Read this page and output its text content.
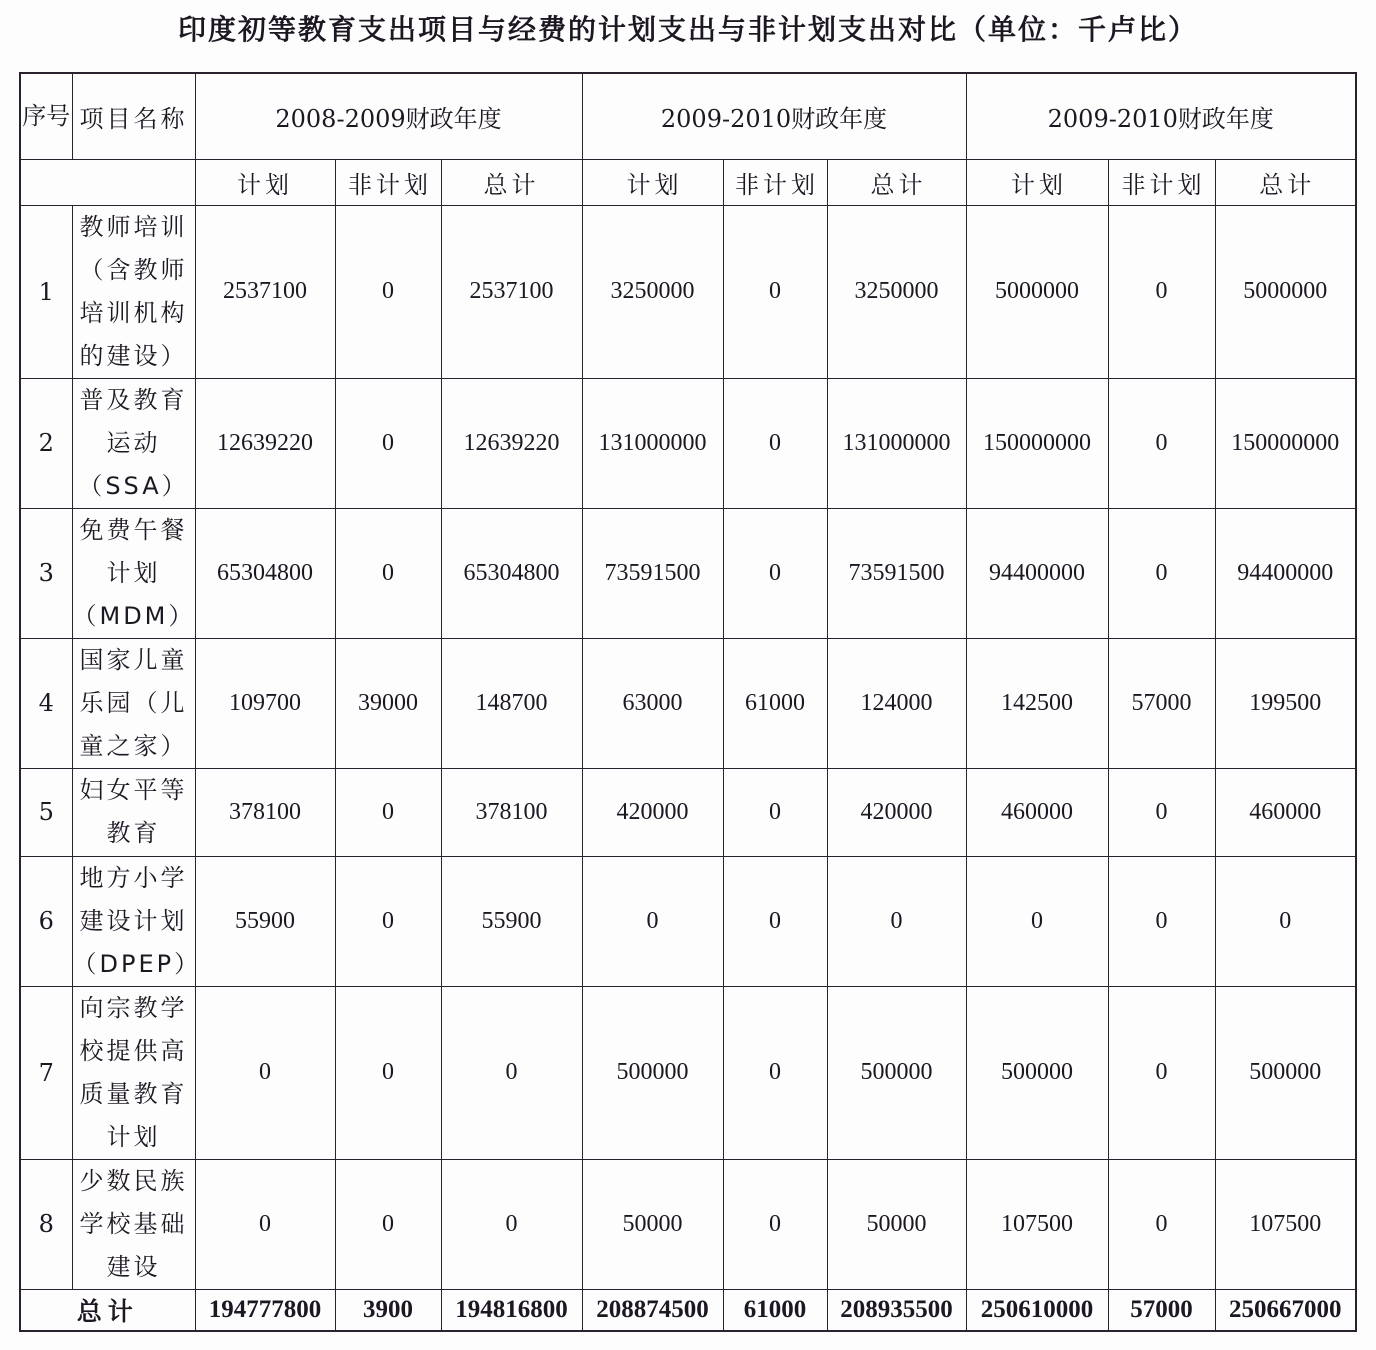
印度初等教育支出项目与经费的计划支出与非计划支出对比（单位：千卢比）
序号	项目名称	2008-2009财政年度			2009-2010财政年度			2009-2010财政年度		
		计划	非计划	总计	计划	非计划	总计	计划	非计划	总计
1	教师培训（含教师培训机构的建设）	2537100	0	2537100	3250000	0	3250000	5000000	0	5000000
2	普及教育运动（SSA）	12639220	0	12639220	131000000	0	131000000	150000000	0	150000000
3	免费午餐计划（MDM）	65304800	0	65304800	73591500	0	73591500	94400000	0	94400000
4	国家儿童乐园（儿童之家）	109700	39000	148700	63000	61000	124000	142500	57000	199500
5	妇女平等教育	378100	0	378100	420000	0	420000	460000	0	460000
6	地方小学建设计划（DPEP）	55900	0	55900	0	0	0	0	0	0
7	向宗教学校提供高质量教育计划	0	0	0	500000	0	500000	500000	0	500000
8	少数民族学校基础建设	0	0	0	50000	0	50000	107500	0	107500
总计		194777800	3900	194816800	208874500	61000	208935500	250610000	57000	250667000
